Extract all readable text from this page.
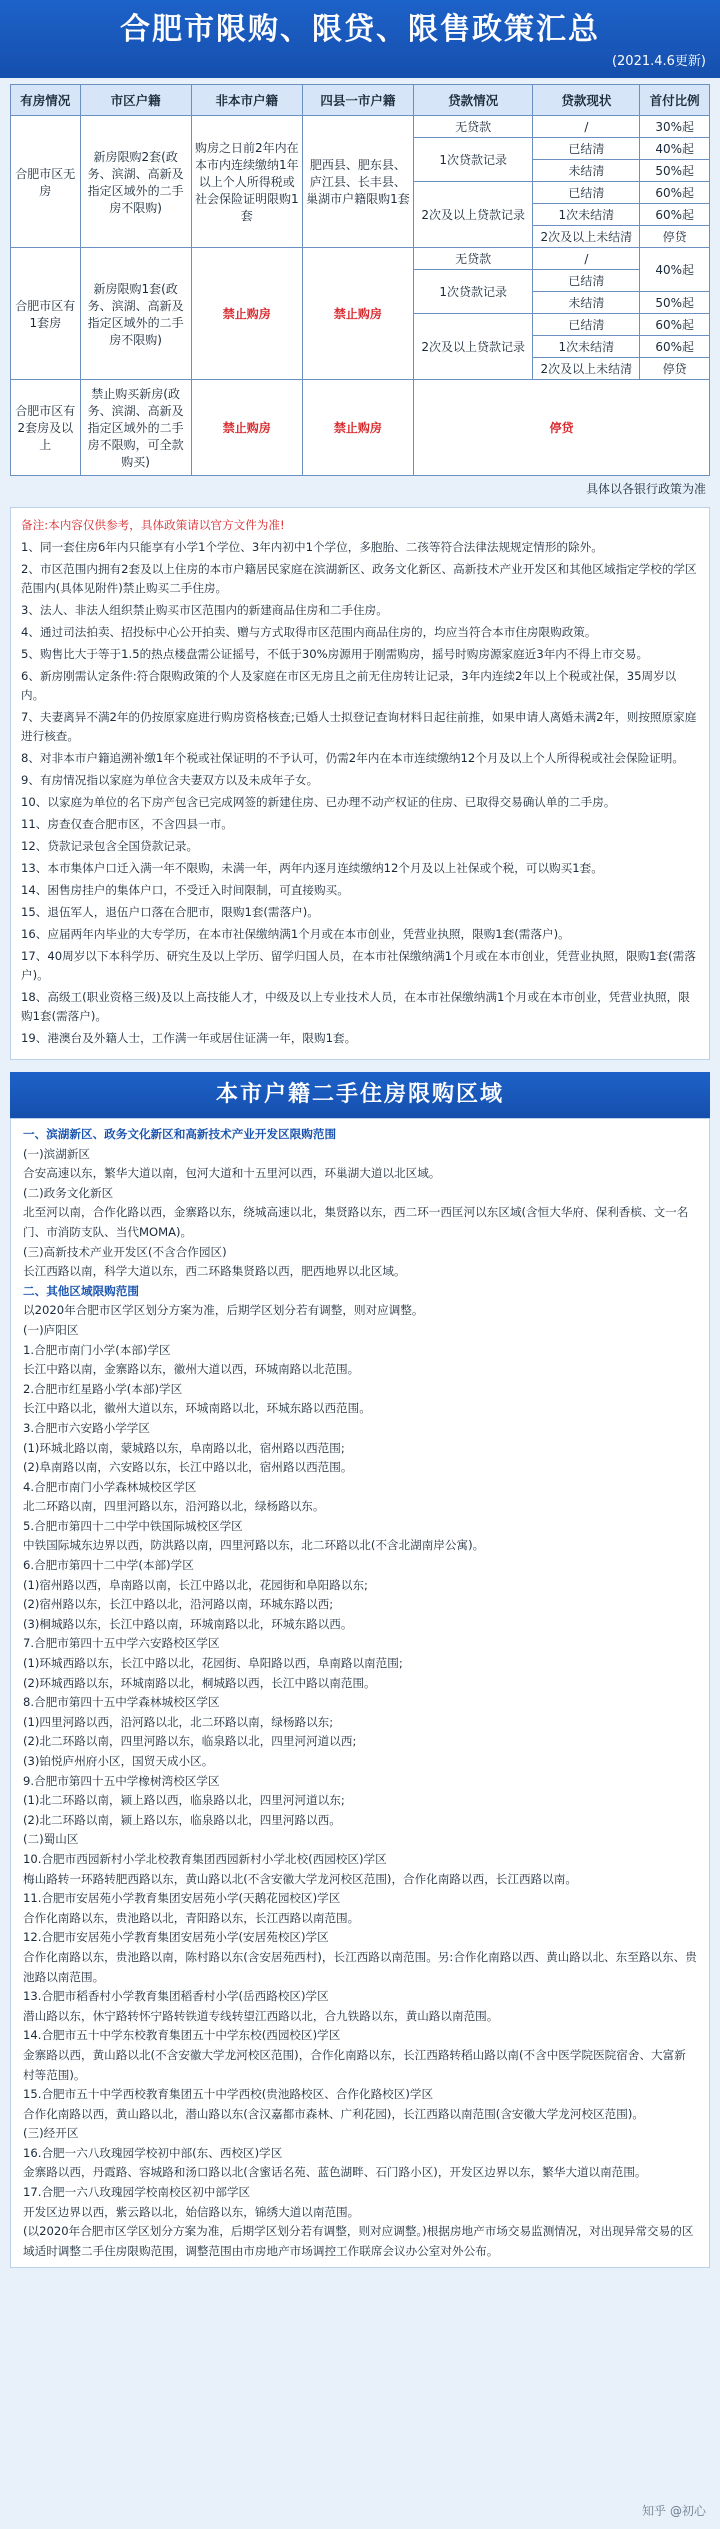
合肥市限购、限贷、限售政策汇总
(2021.4.6更新)
有房情况	市区户籍	非本市户籍	四县一市户籍	贷款情况	贷款现状	首付比例
合肥市区无房	新房限购2套(政务、滨湖、高新及指定区域外的二手房不限购)	购房之日前2年内在本市内连续缴纳1年以上个人所得税或社会保险证明限购1套	肥西县、肥东县、庐江县、长丰县、巢湖市户籍限购1套	无贷款	/	30%起
				1次贷款记录	已结清	40%起
					未结清	50%起
				2次及以上贷款记录	已结清	60%起
					1次未结清	60%起
					2次及以上未结清	停贷
合肥市区有1套房	新房限购1套(政务、滨湖、高新及指定区域外的二手房不限购)	禁止购房	禁止购房	无贷款	/	40%起
				1次贷款记录	已结清	
					未结清	50%起
				2次及以上贷款记录	已结清	60%起
					1次未结清	60%起
					2次及以上未结清	停贷
合肥市区有2套房及以上	禁止购买新房(政务、滨湖、高新及指定区域外的二手房不限购，可全款购买)	禁止购房	禁止购房	停贷		
具体以各银行政策为准

备注:本内容仅供参考，具体政策请以官方文件为准!

1、同一套住房6年内只能享有小学1个学位、3年内初中1个学位，多胞胎、二孩等符合法律法规规定情形的除外。

2、市区范围内拥有2套及以上住房的本市户籍居民家庭在滨湖新区、政务文化新区、高新技术产业开发区和其他区域指定学校的学区范围内(具体见附件)禁止购买二手住房。

3、法人、非法人组织禁止购买市区范围内的新建商品住房和二手住房。

4、通过司法拍卖、招投标中心公开拍卖、赠与方式取得市区范围内商品住房的，均应当符合本市住房限购政策。

5、购售比大于等于1.5的热点楼盘需公证摇号，不低于30%房源用于刚需购房，摇号时购房源家庭近3年内不得上市交易。

6、新房刚需认定条件:符合限购政策的个人及家庭在市区无房且之前无住房转让记录，3年内连续2年以上个税或社保，35周岁以内。

7、夫妻离异不满2年的仍按原家庭进行购房资格核查;已婚人士拟登记查询材料日起往前推，如果申请人离婚未满2年，则按照原家庭进行核查。

8、对非本市户籍追溯补缴1年个税或社保证明的不予认可，仍需2年内在本市连续缴纳12个月及以上个人所得税或社会保险证明。

9、有房情况指以家庭为单位含夫妻双方以及未成年子女。

10、以家庭为单位的名下房产包含已完成网签的新建住房、已办理不动产权证的住房、已取得交易确认单的二手房。

11、房查仅查合肥市区，不含四县一市。

12、贷款记录包含全国贷款记录。

13、本市集体户口迁入满一年不限购，未满一年，两年内逐月连续缴纳12个月及以上社保或个税，可以购买1套。

14、困售房挂户的集体户口，不受迁入时间限制，可直接购买。

15、退伍军人，退伍户口落在合肥市，限购1套(需落户)。

16、应届两年内毕业的大专学历，在本市社保缴纳满1个月或在本市创业，凭营业执照，限购1套(需落户)。

17、40周岁以下本科学历、研究生及以上学历、留学归国人员，在本市社保缴纳满1个月或在本市创业，凭营业执照，限购1套(需落户)。

18、高级工(职业资格三级)及以上高技能人才，中级及以上专业技术人员，在本市社保缴纳满1个月或在本市创业，凭营业执照，限购1套(需落户)。

19、港澳台及外籍人士，工作满一年或居住证满一年，限购1套。

本市户籍二手住房限购区域
一、滨湖新区、政务文化新区和高新技术产业开发区限购范围
(一)滨湖新区
合安高速以东，繁华大道以南，包河大道和十五里河以西，环巢湖大道以北区域。
(二)政务文化新区
北至河以南，合作化路以西，金寨路以东，绕城高速以北，集贤路以东，西二环一西匡河以东区域(含恒大华府、保利香槟、文一名门、市消防支队、当代MOMA)。
(三)高新技术产业开发区(不含合作园区)
长江西路以南，科学大道以东，西二环路集贤路以西，肥西地界以北区域。
二、其他区域限购范围
以2020年合肥市区学区划分方案为准，后期学区划分若有调整，则对应调整。
(一)庐阳区
1.合肥市南门小学(本部)学区
长江中路以南，金寨路以东，徽州大道以西，环城南路以北范围。
2.合肥市红星路小学(本部)学区
长江中路以北，徽州大道以东，环城南路以北，环城东路以西范围。
3.合肥市六安路小学学区
(1)环城北路以南，蒙城路以东，阜南路以北，宿州路以西范围;
(2)阜南路以南，六安路以东，长江中路以北，宿州路以西范围。
4.合肥市南门小学森林城校区学区
北二环路以南，四里河路以东，沿河路以北，绿杨路以东。
5.合肥市第四十二中学中铁国际城校区学区
中铁国际城东边界以西，防洪路以南，四里河路以东，北二环路以北(不含北湖南岸公寓)。
6.合肥市第四十二中学(本部)学区
(1)宿州路以西，阜南路以南，长江中路以北，花园街和阜阳路以东;
(2)宿州路以东，长江中路以北，沿河路以南，环城东路以西;
(3)桐城路以东，长江中路以南，环城南路以北，环城东路以西。
7.合肥市第四十五中学六安路校区学区
(1)环城西路以东，长江中路以北，花园街、阜阳路以西，阜南路以南范围;
(2)环城西路以东，环城南路以北，桐城路以西，长江中路以南范围。
8.合肥市第四十五中学森林城校区学区
(1)四里河路以西，沿河路以北，北二环路以南，绿杨路以东;
(2)北二环路以南，四里河路以东，临泉路以北，四里河河道以西;
(3)铂悦庐州府小区，国贸天成小区。
9.合肥市第四十五中学橡树湾校区学区
(1)北二环路以南，颍上路以西，临泉路以北，四里河河道以东;
(2)北二环路以南，颍上路以东，临泉路以北，四里河路以西。
(二)蜀山区
10.合肥市西园新村小学北校教育集团西园新村小学北校(西园校区)学区
梅山路转一环路转肥西路以东，黄山路以北(不含安徽大学龙河校区范围)，合作化南路以西，长江西路以南。
11.合肥市安居苑小学教育集团安居苑小学(天鹅花园校区)学区
合作化南路以东，贵池路以北，青阳路以东，长江西路以南范围。
12.合肥市安居苑小学教育集团安居苑小学(安居苑校区)学区
合作化南路以东，贵池路以南，陈村路以东(含安居苑西村)，长江西路以南范围。另:合作化南路以西、黄山路以北、东至路以东、贵池路以南范围。
13.合肥市稻香村小学教育集团稻香村小学(岳西路校区)学区
潜山路以东，休宁路转怀宁路转铁道专线转望江西路以北，合九铁路以东，黄山路以南范围。
14.合肥市五十中学东校教育集团五十中学东校(西园校区)学区
金寨路以西，黄山路以北(不含安徽大学龙河校区范围)，合作化南路以东，长江西路转稻山路以南(不含中医学院医院宿舍、大富新村等范围)。
15.合肥市五十中学西校教育集团五十中学西校(贵池路校区、合作化路校区)学区
合作化南路以西，黄山路以北，潜山路以东(含汉嘉都市森林、广利花园)，长江西路以南范围(含安徽大学龙河校区范围)。
(三)经开区
16.合肥一六八玫瑰园学校初中部(东、西校区)学区
金寨路以西，丹霞路、容城路和汤口路以北(含蜜话名苑、蓝色湖畔、石门路小区)，开发区边界以东，繁华大道以南范围。
17.合肥一六八玫瑰园学校南校区初中部学区
开发区边界以西，紫云路以北，始信路以东，锦绣大道以南范围。
(以2020年合肥市区学区划分方案为准，后期学区划分若有调整，则对应调整。)根据房地产市场交易监测情况，对出现异常交易的区域适时调整二手住房限购范围，调整范围由市房地产市场调控工作联席会议办公室对外公布。
知乎 @初心
